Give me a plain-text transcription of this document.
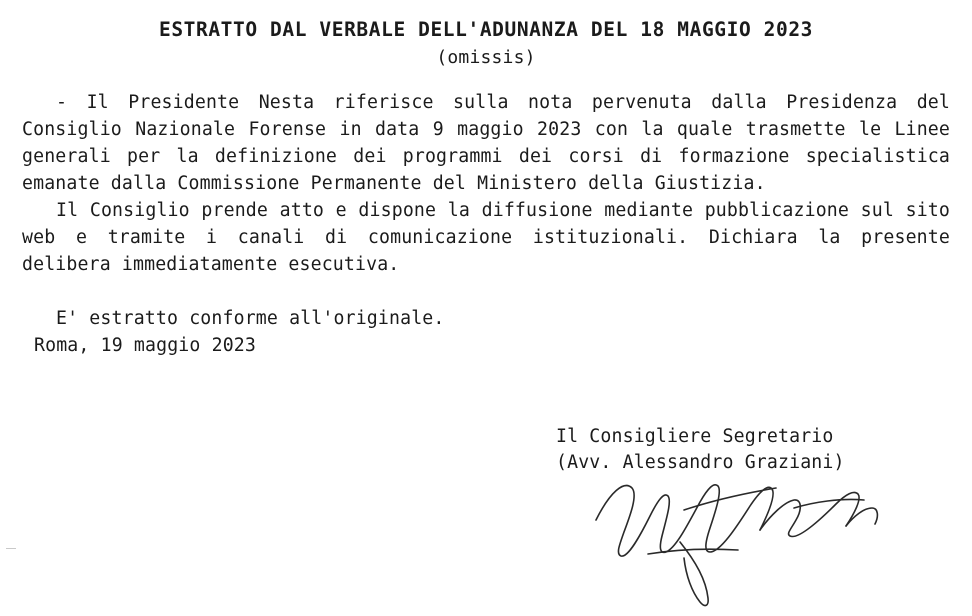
ESTRATTO DAL VERBALE DELL'ADUNANZA DEL 18 MAGGIO 2023
(omissis)

- Il Presidente Nesta riferisce sulla nota pervenuta dalla Presidenza del Consiglio Nazionale Forense in data 9 maggio 2023 con la quale trasmette le Linee generali per la definizione dei programmi dei corsi di formazione specialistica emanate dalla Commissione Permanente del Ministero della Giustizia.

Il Consiglio prende atto e dispone la diffusione mediante pubblicazione sul sito web e tramite i canali di comunicazione istituzionali. Dichiara la presente delibera immediatamente esecutiva.

E' estratto conforme all'originale.
Roma, 19 maggio 2023
Il Consigliere Segretario
(Avv. Alessandro Graziani)
